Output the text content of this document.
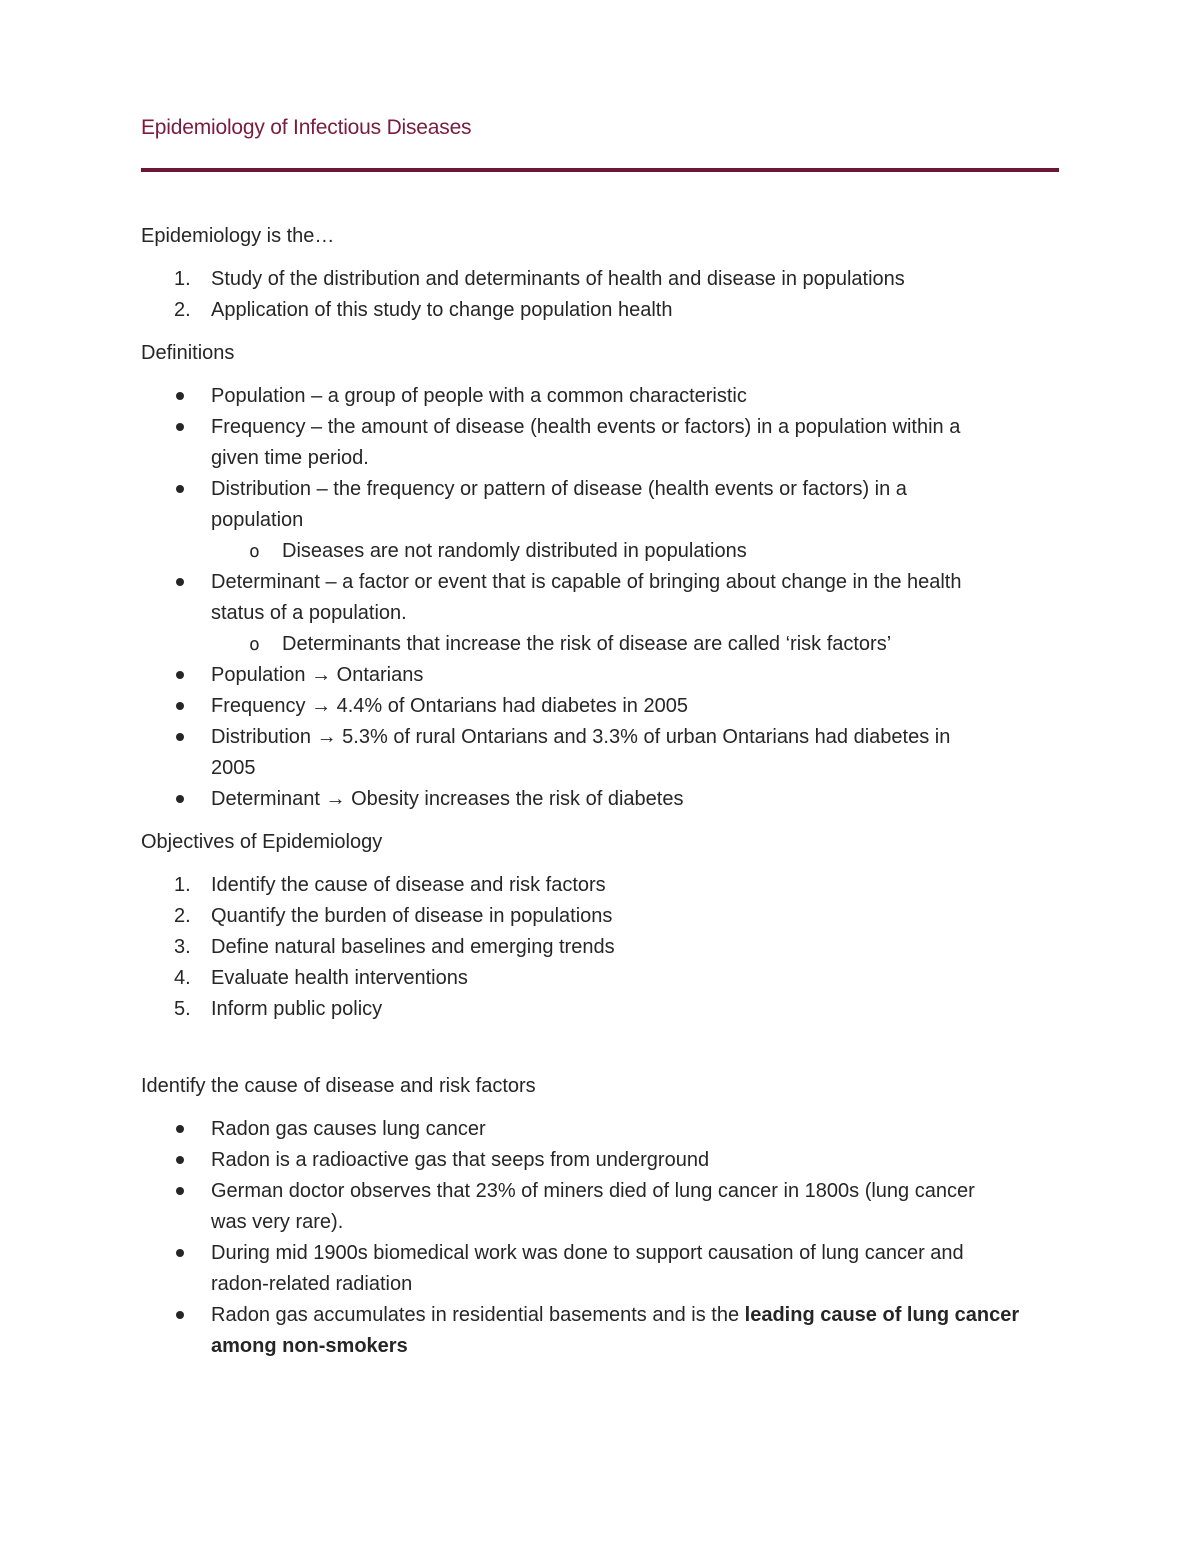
Epidemiology of Infectious Diseases
Epidemiology is the…
1.	Study of the distribution and determinants of health and disease in populations
2.	Application of this study to change population health
Definitions
Population – a group of people with a common characteristic
Frequency – the amount of disease (health events or factors) in a population within a
given time period.
Distribution – the frequency or pattern of disease (health events or factors) in a
population
o	Diseases are not randomly distributed in populations
Determinant – a factor or event that is capable of bringing about change in the health
status of a population.
o	Determinants that increase the risk of disease are called ‘risk factors’
Population → Ontarians
Frequency → 4.4% of Ontarians had diabetes in 2005
Distribution → 5.3% of rural Ontarians and 3.3% of urban Ontarians had diabetes in
2005
Determinant → Obesity increases the risk of diabetes
Objectives of Epidemiology
1.	Identify the cause of disease and risk factors
2.	Quantify the burden of disease in populations
3.	Define natural baselines and emerging trends
4.	Evaluate health interventions
5.	Inform public policy
Identify the cause of disease and risk factors
Radon gas causes lung cancer
Radon is a radioactive gas that seeps from underground
German doctor observes that 23% of miners died of lung cancer in 1800s (lung cancer
was very rare).
During mid 1900s biomedical work was done to support causation of lung cancer and
radon-related radiation
Radon gas accumulates in residential basements and is the leading cause of lung cancer
among non-smokers
